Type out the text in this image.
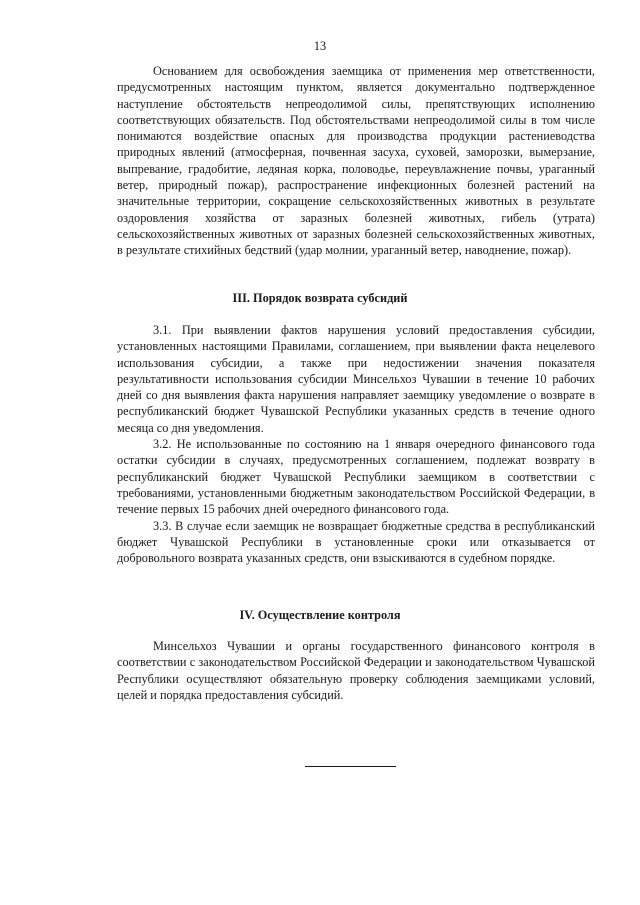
13

Основанием для освобождения заемщика от применения мер ответственности, предусмотренных настоящим пунктом, является документально подтвержденное наступление обстоятельств непреодолимой силы, препятствующих исполнению соответствующих обязательств. Под обстоятельствами непреодолимой силы в том числе понимаются воздействие опасных для производства продукции растениеводства природных явлений (атмосферная, почвенная засуха, суховей, заморозки, вымерзание, выпревание, градобитие, ледяная корка, половодье, переувлажнение почвы, ураганный ветер, природный пожар), распространение инфекционных болезней растений на значительные территории, сокращение сельскохозяйственных животных в результате оздоровления хозяйства от заразных болезней животных, гибель (утрата) сельскохозяйственных животных от заразных болезней сельскохозяйственных животных, в результате стихийных бедствий (удар молнии, ураганный ветер, наводнение, пожар).

III. Порядок возврата субсидий

3.1. При выявлении фактов нарушения условий предоставления субсидии, установленных настоящими Правилами, соглашением, при выявлении факта нецелевого использования субсидии, а также при недостижении значения показателя результативности использования субсидии Минсельхоз Чувашии в течение 10 рабочих дней со дня выявления факта нарушения направляет заемщику уведомление о возврате в республиканский бюджет Чувашской Республики указанных средств в течение одного месяца со дня уведомления.

3.2. Не использованные по состоянию на 1 января очередного финансового года остатки субсидии в случаях, предусмотренных соглашением, подлежат возврату в республиканский бюджет Чувашской Республики заемщиком в соответствии с требованиями, установленными бюджетным законодательством Российской Федерации, в течение первых 15 рабочих дней очередного финансового года.

3.3. В случае если заемщик не возвращает бюджетные средства в республиканский бюджет Чувашской Республики в установленные сроки или отказывается от добровольного возврата указанных средств, они взыскиваются в судебном порядке.

IV. Осуществление контроля

Минсельхоз Чувашии и органы государственного финансового контроля в соответствии с законодательством Российской Федерации и законодательством Чувашской Республики осуществляют обязательную проверку соблюдения заемщиками условий, целей и порядка предоставления субсидий.
